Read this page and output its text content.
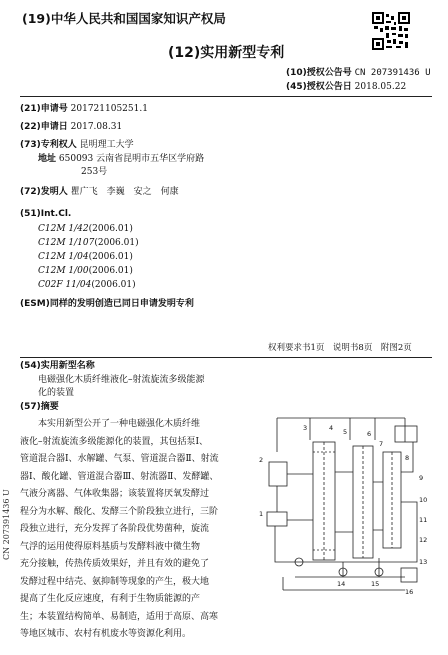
(19)中华人民共和国国家知识产权局
(12)实用新型专利
(10)授权公告号 CN 207391436 U
(45)授权公告日 2018.05.22
(21)申请号 201721105251.1
(22)申请日 2017.08.31
(73)专利权人 昆明理工大学
地址 650093 云南省昆明市五华区学府路
253号
(72)发明人 瞿广飞　李巍　安之　何康
(51)Int.Cl.
C12M 1/42(2006.01)
C12M 1/107(2006.01)
C12M 1/04(2006.01)
C12M 1/00(2006.01)
C02F 11/04(2006.01)
(ESM)同样的发明创造已同日申请发明专利
权利要求书1页　说明书8页　附图2页
(54)实用新型名称
电磁强化木质纤维液化–射流旋流多级能源
化的装置
(57)摘要
本实用新型公开了一种电磁强化木质纤维
液化–射流旋流多级能源化的装置，其包括泵Ⅰ、
管道混合器Ⅰ、水解罐、气泵、管道混合器Ⅱ、射流
器Ⅰ、酸化罐、管道混合器Ⅲ、射流器Ⅱ、发酵罐、
气液分离器、气体收集器；该装置将厌氧发酵过
程分为水解、酸化、发酵三个阶段独立进行，三阶
段独立进行，充分发挥了各阶段优势菌种，旋流
气浮的运用使得原料基质与发酵料液中微生物
充分接触，传热传质效果好，并且有效的避免了
发酵过程中结壳、氨抑制等现象的产生，极大地
提高了生化反应速度，有利于生物质能源的产
生；本装置结构简单、易制造，适用于高原、高寒
等地区城市、农村有机废水等资源化利用。
3	4
2
5	6
7
8
9
10
11
1
12
13
14	15
16
CN 207391436 U
